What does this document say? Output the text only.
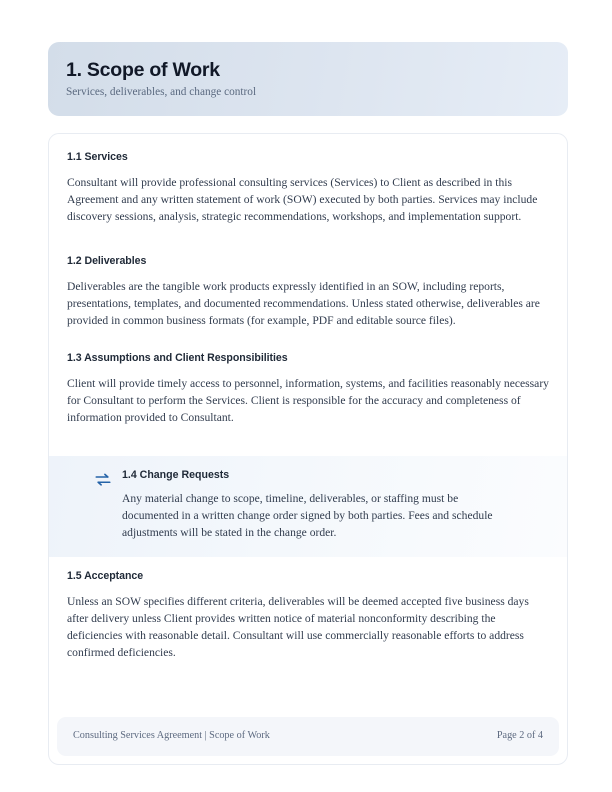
1. Scope of Work

Services, deliverables, and change control

1.1 Services

Consultant will provide professional consulting services (Services) to Client as described in this Agreement and any written statement of work (SOW) executed by both parties. Services may include discovery sessions, analysis, strategic recommendations, workshops, and implementation support.

1.2 Deliverables

Deliverables are the tangible work products expressly identified in an SOW, including reports, presentations, templates, and documented recommendations. Unless stated otherwise, deliverables are provided in common business formats (for example, PDF and editable source files).

1.3 Assumptions and Client Responsibilities

Client will provide timely access to personnel, information, systems, and facilities reasonably necessary for Consultant to perform the Services. Client is responsible for the accuracy and completeness of information provided to Consultant.

1.4 Change Requests

Any material change to scope, timeline, deliverables, or staffing must be documented in a written change order signed by both parties. Fees and schedule adjustments will be stated in the change order.

1.5 Acceptance

Unless an SOW specifies different criteria, deliverables will be deemed accepted five business days after delivery unless Client provides written notice of material nonconformity describing the deficiencies with reasonable detail. Consultant will use commercially reasonable efforts to address confirmed deficiencies.

Consulting Services Agreement | Scope of Work	Page 2 of 4
